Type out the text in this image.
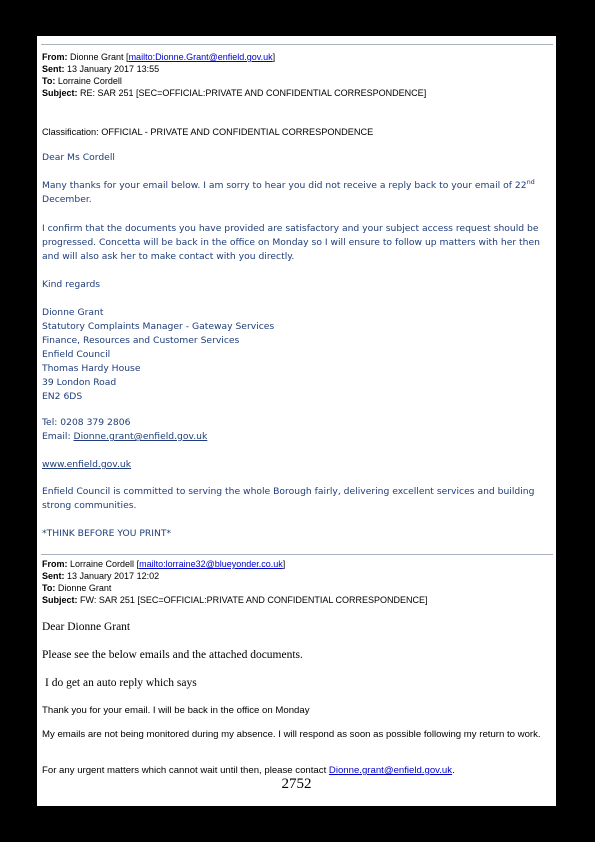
From: Dionne Grant [mailto:Dionne.Grant@enfield.gov.uk]
Sent: 13 January 2017 13:55
To: Lorraine Cordell
Subject: RE: SAR 251 [SEC=OFFICIAL:PRIVATE AND CONFIDENTIAL CORRESPONDENCE]
Classification: OFFICIAL - PRIVATE AND CONFIDENTIAL CORRESPONDENCE
Dear Ms Cordell
Many thanks for your email below. I am sorry to hear you did not receive a reply back to your email of 22nd
December.
I confirm that the documents you have provided are satisfactory and your subject access request should be progressed. Concetta will be back in the office on Monday so I will ensure to follow up matters with her then and will also ask her to make contact with you directly.
Kind regards
Dionne Grant
Statutory Complaints Manager - Gateway Services
Finance, Resources and Customer Services
Enfield Council
Thomas Hardy House
39 London Road
EN2 6DS
Tel: 0208 379 2806
Email: Dionne.grant@enfield.gov.uk
www.enfield.gov.uk
Enfield Council is committed to serving the whole Borough fairly, delivering excellent services and building strong communities.
*THINK BEFORE YOU PRINT*
From: Lorraine Cordell [mailto:lorraine32@blueyonder.co.uk]
Sent: 13 January 2017 12:02
To: Dionne Grant
Subject: FW: SAR 251 [SEC=OFFICIAL:PRIVATE AND CONFIDENTIAL CORRESPONDENCE]
Dear Dionne Grant
Please see the below emails and the attached documents.
I do get an auto reply which says
Thank you for your email. I will be back in the office on Monday
My emails are not being monitored during my absence. I will respond as soon as possible following my return to work.
For any urgent matters which cannot wait until then, please contact Dionne.grant@enfield.gov.uk.
2752
